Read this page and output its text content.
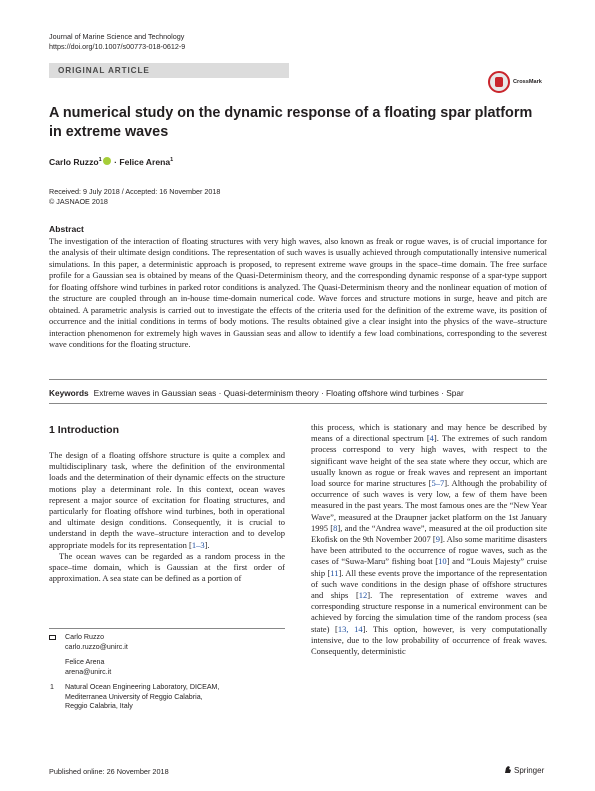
Journal of Marine Science and Technology
https://doi.org/10.1007/s00773-018-0612-9
ORIGINAL ARTICLE
CrossMark
A numerical study on the dynamic response of a floating spar platform in extreme waves
Carlo Ruzzo$^1$ · Felice Arena$^1$
Received: 9 July 2018 / Accepted: 16 November 2018
© JASNAOE 2018
Abstract
The investigation of the interaction of floating structures with very high waves, also known as freak or rogue waves, is of crucial importance for the analysis of their ultimate design conditions. The representation of such waves is usually achieved through computationally intensive numerical simulations. In this paper, a deterministic approach is proposed, to represent extreme wave groups in the space–time domain. The free surface profile for a Gaussian sea is obtained by means of the Quasi-Determinism theory, and the corresponding dynamic response of a spar-type support for floating offshore wind turbines in parked rotor conditions is analyzed. The Quasi-Determinism theory and the nonlinear equation of motion of the structure are coupled through an in-house time-domain numerical code. Wave forces and structure motions in surge, heave and pitch are obtained. A parametric analysis is carried out to investigate the effects of the criteria used for the definition of the extreme wave, its position of occurrence and the initial conditions in terms of body motions. The results obtained give a clear insight into the physics of the wave–structure interaction phenomenon for extremely high waves in Gaussian seas and allow to identify a few load combinations, corresponding to the severest wave conditions for the floating structure.
Keywords Extreme waves in Gaussian seas · Quasi-determinism theory · Floating offshore wind turbines · Spar
1 Introduction

The design of a floating offshore structure is quite a complex and multidisciplinary task, where the definition of the environmental loads and the determination of their dynamic effects on the structure motions play a determinant role. In this context, ocean waves represent a major source of excitation for floating structures, and particularly for floating offshore wind turbines, both in operational and ultimate design conditions. Consequently, it is crucial to understand in depth the wave–structure interaction and to develop appropriate models for its representation [1–3].

The ocean waves can be regarded as a random process in the space–time domain, which is Gaussian at the first order of approximation. A sea state can be defined as a portion of

this process, which is stationary and may hence be described by means of a directional spectrum [4]. The extremes of such random process correspond to very high waves, with respect to the significant wave height of the sea state where they occur, which are usually known as rogue or freak waves and represent an important load source for marine structures [5–7]. Although the probability of occurrence of such waves is very low, a few of them have been measured in the past years. The most famous ones are the “New Year Wave”, measured at the Draupner jacket platform on the 1st January 1995 [8], and the “Andrea wave”, measured at the oil production site Ekofisk on the 9th November 2007 [9]. Also some maritime disasters have been attributed to the occurrence of rogue waves, such as the cases of “Suwa-Maru” fishing boat [10] and “Louis Majesty” cruise ship [11]. All these events prove the importance of the representation of such wave conditions in the design phase of offshore structures and ships [12]. The representation of extreme waves and corresponding structure response in a numerical environment can be achieved by forcing the simulation time of the random process (sea state) [13, 14]. This option, however, is very computationally intensive, due to the low probability of occurrence of freak waves. Consequently, deterministic

Carlo Ruzzo
carlo.ruzzo@unirc.it
Felice Arena
arena@unirc.it
1 Natural Ocean Engineering Laboratory, DICEAM,
Mediterranea University of Reggio Calabria,
Reggio Calabria, Italy
Published online: 26 November 2018	Springer
